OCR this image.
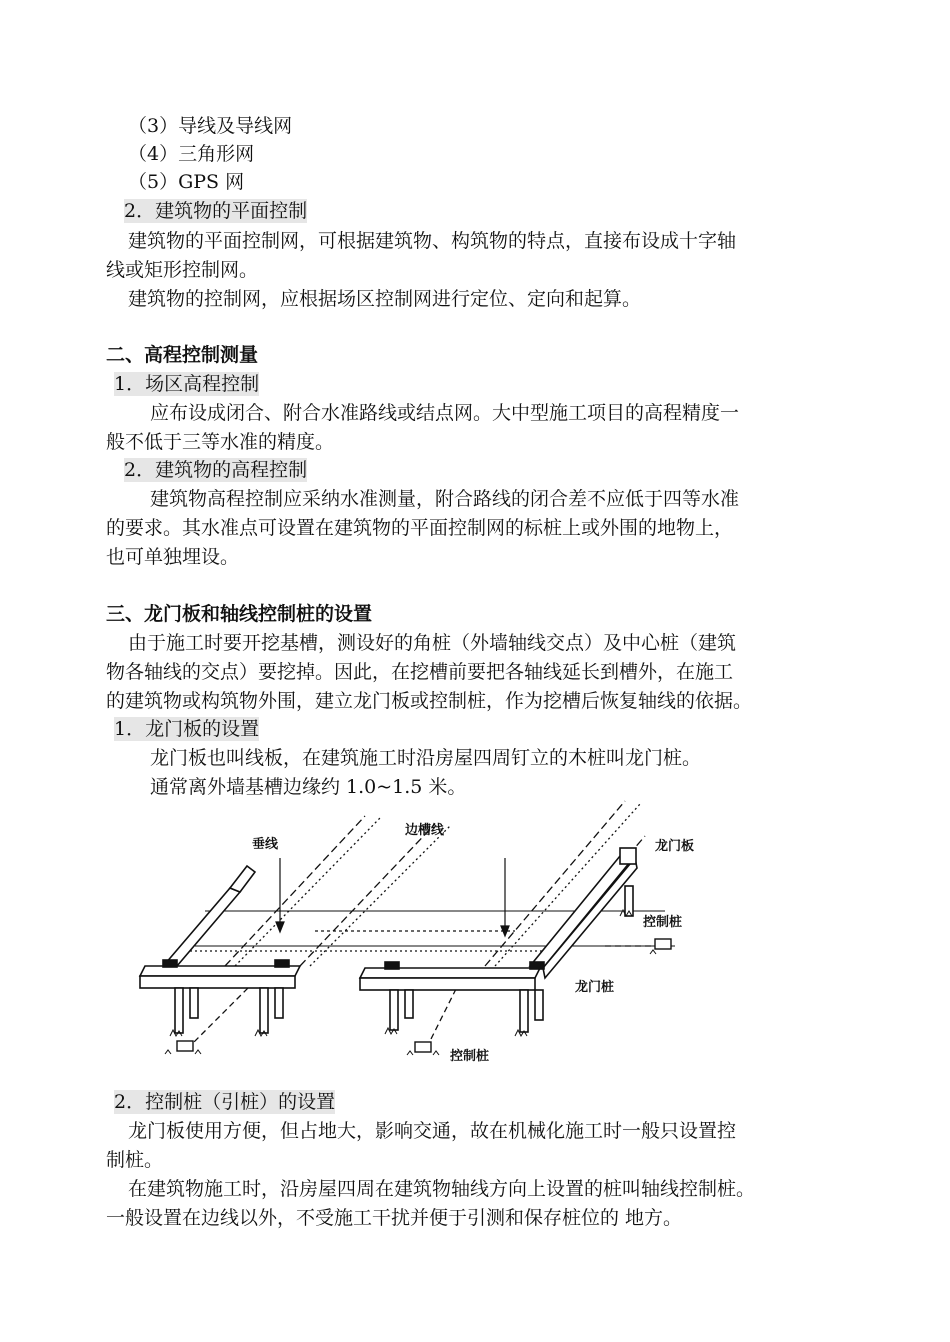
（3）导线及导线网
（4）三角形网
（5）GPS 网
2．建筑物的平面控制
建筑物的平面控制网，可根据建筑物、构筑物的特点，直接布设成十字轴
线或矩形控制网。
建筑物的控制网，应根据场区控制网进行定位、定向和起算。
二、高程控制测量
1．场区高程控制
应布设成闭合、附合水准路线或结点网。大中型施工项目的高程精度一
般不低于三等水准的精度。
2．建筑物的高程控制
建筑物高程控制应采纳水准测量，附合路线的闭合差不应低于四等水准
的要求。其水准点可设置在建筑物的平面控制网的标桩上或外围的地物上，
也可单独埋设。
三、龙门板和轴线控制桩的设置
由于施工时要开挖基槽，测设好的角桩（外墙轴线交点）及中心桩（建筑
物各轴线的交点）要挖掉。因此，在挖槽前要把各轴线延长到槽外，在施工
的建筑物或构筑物外围，建立龙门板或控制桩，作为挖槽后恢复轴线的依据。
1．龙门板的设置
龙门板也叫线板，在建筑施工时沿房屋四周钉立的木桩叫龙门桩。
通常离外墙基槽边缘约 1.0~1.5 米。
垂线
边槽线
龙门板
控制桩
龙门桩
控制桩
2．控制桩（引桩）的设置
龙门板使用方便，但占地大，影响交通，故在机械化施工时一般只设置控
制桩。
在建筑物施工时，沿房屋四周在建筑物轴线方向上设置的桩叫轴线控制桩。
一般设置在边线以外，不受施工干扰并便于引测和保存桩位的 地方。
